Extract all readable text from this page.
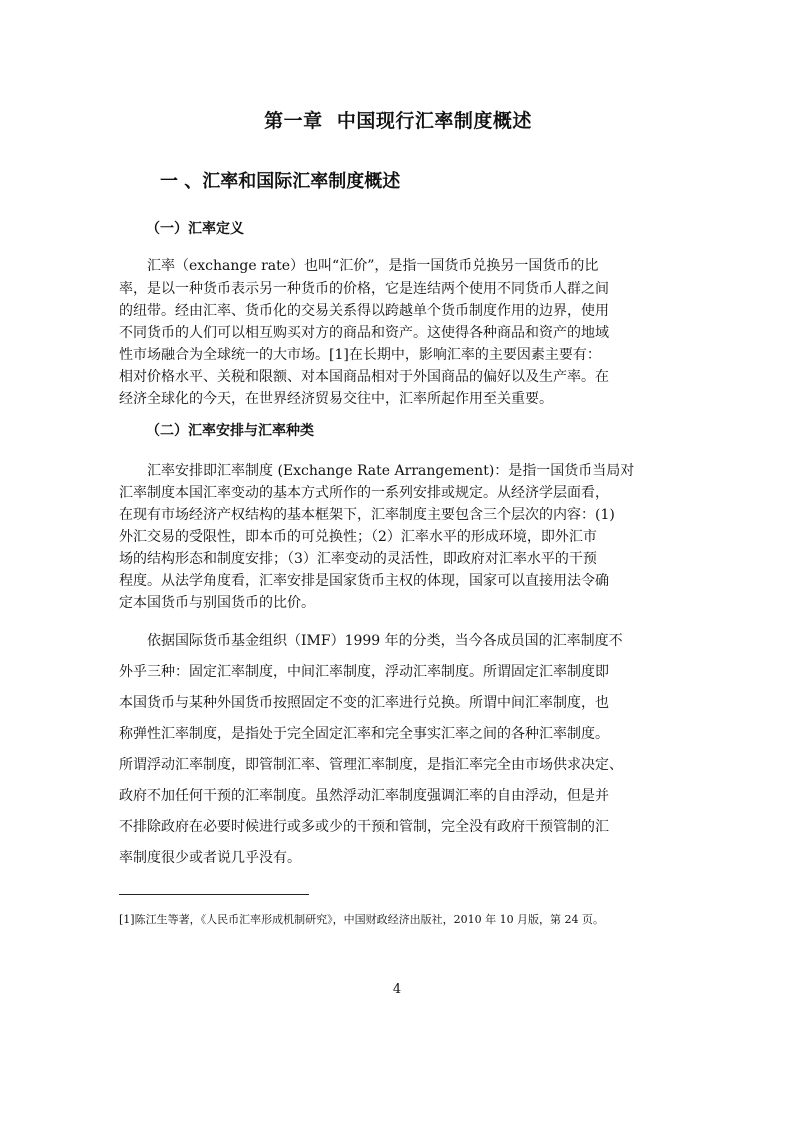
第一章  中国现行汇率制度概述
一 、汇率和国际汇率制度概述
（一）汇率定义
汇率（exchange rate）也叫“汇价”，是指一国货币兑换另一国货币的比
率，是以一种货币表示另一种货币的价格，它是连结两个使用不同货币人群之间
的纽带。经由汇率、货币化的交易关系得以跨越单个货币制度作用的边界，使用
不同货币的人们可以相互购买对方的商品和资产。这使得各种商品和资产的地域
性市场融合为全球统一的大市场。[1]在长期中，影响汇率的主要因素主要有：
相对价格水平、关税和限额、对本国商品相对于外国商品的偏好以及生产率。在
经济全球化的今天，在世界经济贸易交往中，汇率所起作用至关重要。
（二）汇率安排与汇率种类
汇率安排即汇率制度 (Exchange Rate Arrangement)：是指一国货币当局对
汇率制度本国汇率变动的基本方式所作的一系列安排或规定。从经济学层面看，
在现有市场经济产权结构的基本框架下，汇率制度主要包含三个层次的内容：(1)
外汇交易的受限性，即本币的可兑换性；（2）汇率水平的形成环境，即外汇市
场的结构形态和制度安排；（3）汇率变动的灵活性，即政府对汇率水平的干预
程度。从法学角度看，汇率安排是国家货币主权的体现，国家可以直接用法令确
定本国货币与别国货币的比价。
依据国际货币基金组织（IMF）1999 年的分类，当今各成员国的汇率制度不
外乎三种：固定汇率制度，中间汇率制度，浮动汇率制度。所谓固定汇率制度即
本国货币与某种外国货币按照固定不变的汇率进行兑换。所谓中间汇率制度，也
称弹性汇率制度，是指处于完全固定汇率和完全事实汇率之间的各种汇率制度。
所谓浮动汇率制度，即管制汇率、管理汇率制度，是指汇率完全由市场供求决定、
政府不加任何干预的汇率制度。虽然浮动汇率制度强调汇率的自由浮动，但是并
不排除政府在必要时候进行或多或少的干预和管制，完全没有政府干预管制的汇
率制度很少或者说几乎没有。
[1]陈江生等著，《人民币汇率形成机制研究》，中国财政经济出版社，2010 年 10 月版，第 24 页。
4
